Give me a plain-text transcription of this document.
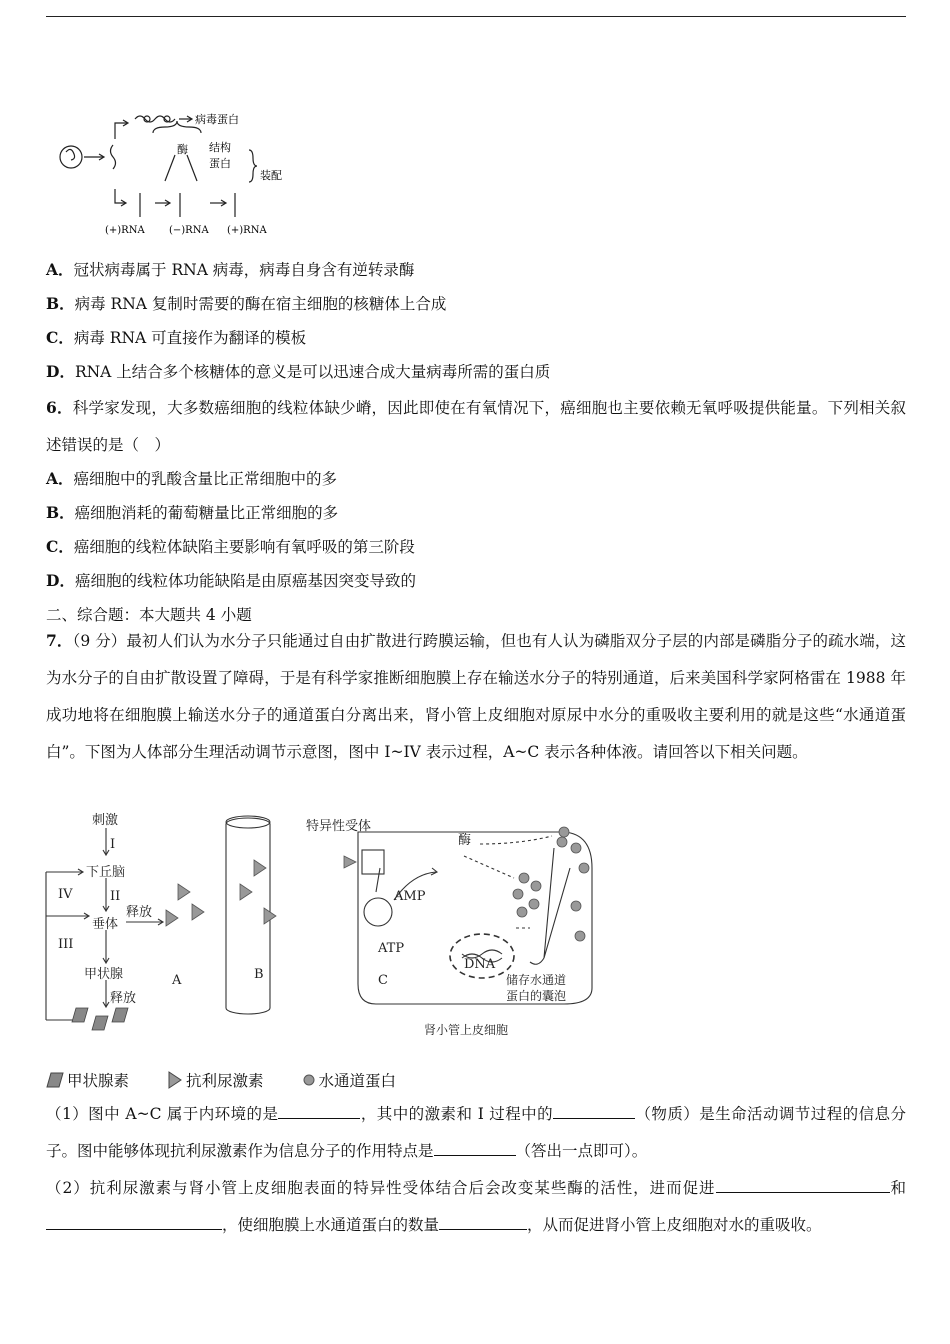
病毒蛋白
酶 结构
蛋白
装配
(+)RNA (−)RNA (+)RNA
A．冠状病毒属于 RNA 病毒，病毒自身含有逆转录酶
B．病毒 RNA 复制时需要的酶在宿主细胞的核糖体上合成
C．病毒 RNA 可直接作为翻译的模板
D．RNA 上结合多个核糖体的意义是可以迅速合成大量病毒所需的蛋白质
6．科学家发现，大多数癌细胞的线粒体缺少嵴，因此即使在有氧情况下，癌细胞也主要依赖无氧呼吸提供能量。下列相关叙述错误的是（　）
A．癌细胞中的乳酸含量比正常细胞中的多
B．癌细胞消耗的葡萄糖量比正常细胞的多
C．癌细胞的线粒体缺陷主要影响有氧呼吸的第三阶段
D．癌细胞的线粒体功能缺陷是由原癌基因突变导致的
二、综合题：本大题共 4 小题
7．（9 分）最初人们认为水分子只能通过自由扩散进行跨膜运输，但也有人认为磷脂双分子层的内部是磷脂分子的疏水端，这为水分子的自由扩散设置了障碍，于是有科学家推断细胞膜上存在输送水分子的特别通道，后来美国科学家阿格雷在 1988 年成功地将在细胞膜上输送水分子的通道蛋白分离出来，肾小管上皮细胞对原尿中水分的重吸收主要利用的就是这些“水通道蛋白”。下图为人体部分生理活动调节示意图，图中 I~IV 表示过程，A~C 表示各种体液。请回答以下相关问题。
刺激
I
下丘脑
IV	II
释放
垂体
III
甲状腺
释放
A	B	C
特异性受体
酶
AMP
ATP
DNA
储存水通道
蛋白的囊泡
肾小管上皮细胞
甲状腺素	抗利尿激素	水通道蛋白
（1）图中 A~C 属于内环境的是	，其中的激素和 I 过程中的	（物质）是生命活动调节过程的信息分子。图中能够体现抗利尿激素作为信息分子的作用特点是	（答出一点即可）。
（2）抗利尿激素与肾小管上皮细胞表面的特异性受体结合后会改变某些酶的活性，进而促进	和，使细胞膜上水通道蛋白的数量	，从而促进肾小管上皮细胞对水的重吸收。
